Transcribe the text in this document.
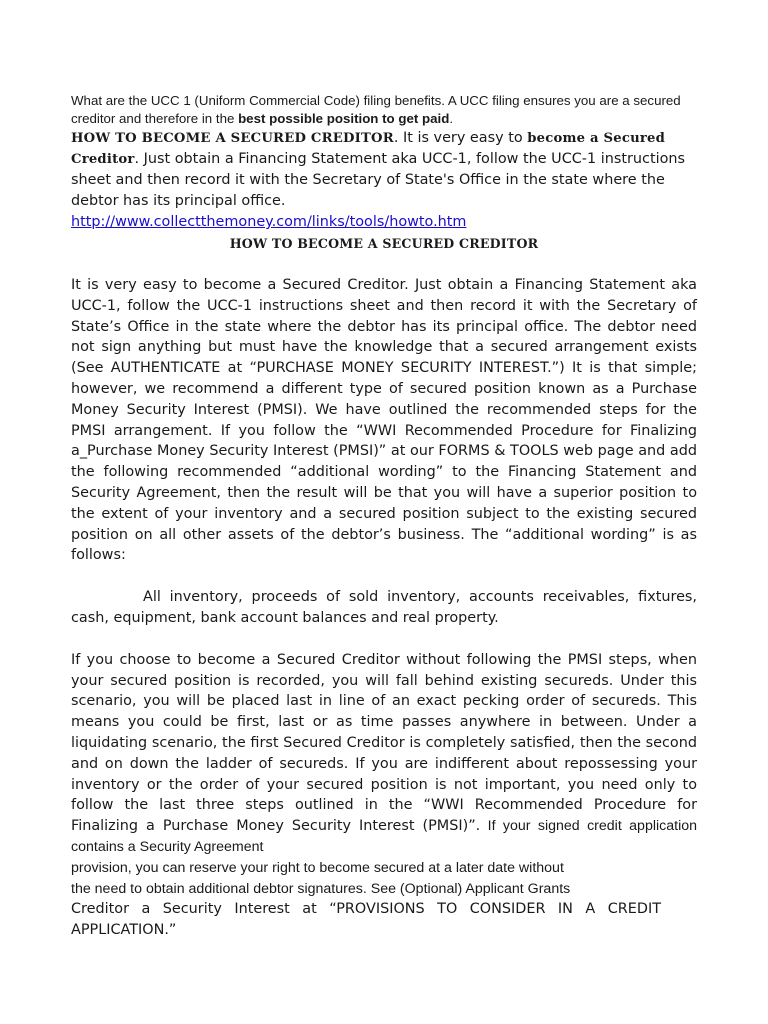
What are the UCC 1 (Uniform Commercial Code) filing benefits. A UCC filing ensures you are a secured creditor and therefore in the best possible position to get paid.

HOW TO BECOME A SECURED CREDITOR. It is very easy to become a Secured Creditor. Just obtain a Financing Statement aka UCC-1, follow the UCC-1 instructions sheet and then record it with the Secretary of State's Office in the state where the debtor has its principal office.
http://www.collectthemoney.com/links/tools/howto.htm

HOW TO BECOME A SECURED CREDITOR

It is very easy to become a Secured Creditor. Just obtain a Financing Statement aka UCC-1, follow the UCC-1 instructions sheet and then record it with the Secretary of State’s Office in the state where the debtor has its principal office. The debtor need not sign anything but must have the knowledge that a secured arrangement exists (See AUTHENTICATE at “PURCHASE MONEY SECURITY INTEREST.”) It is that simple; however, we recommend a different type of secured position known as a Purchase Money Security Interest (PMSI). We have outlined the recommended steps for the PMSI arrangement. If you follow the “WWI Recommended Procedure for Finalizing a_Purchase Money Security Interest (PMSI)” at our FORMS & TOOLS web page and add the following recommended “additional wording” to the Financing Statement and Security Agreement, then the result will be that you will have a superior position to the extent of your inventory and a secured position subject to the existing secured position on all other assets of the debtor’s business. The “additional wording” is as follows:

All inventory, proceeds of sold inventory, accounts receivables, fixtures, cash, equipment, bank account balances and real property.

If you choose to become a Secured Creditor without following the PMSI steps, when your secured position is recorded, you will fall behind existing secureds. Under this scenario, you will be placed last in line of an exact pecking order of secureds. This means you could be first, last or as time passes anywhere in between. Under a liquidating scenario, the first Secured Creditor is completely satisfied, then the second and on down the ladder of secureds. If you are indifferent about repossessing your inventory or the order of your secured position is not important, you need only to follow the last three steps outlined in the “WWI Recommended Procedure for Finalizing a Purchase Money Security Interest (PMSI)”. If your signed credit application contains a Security Agreement

provision, you can reserve your right to become secured at a later date without

the need to obtain additional debtor signatures. See (Optional) Applicant Grants

Creditor a Security Interest at “PROVISIONS TO CONSIDER IN A CREDIT

APPLICATION.”
